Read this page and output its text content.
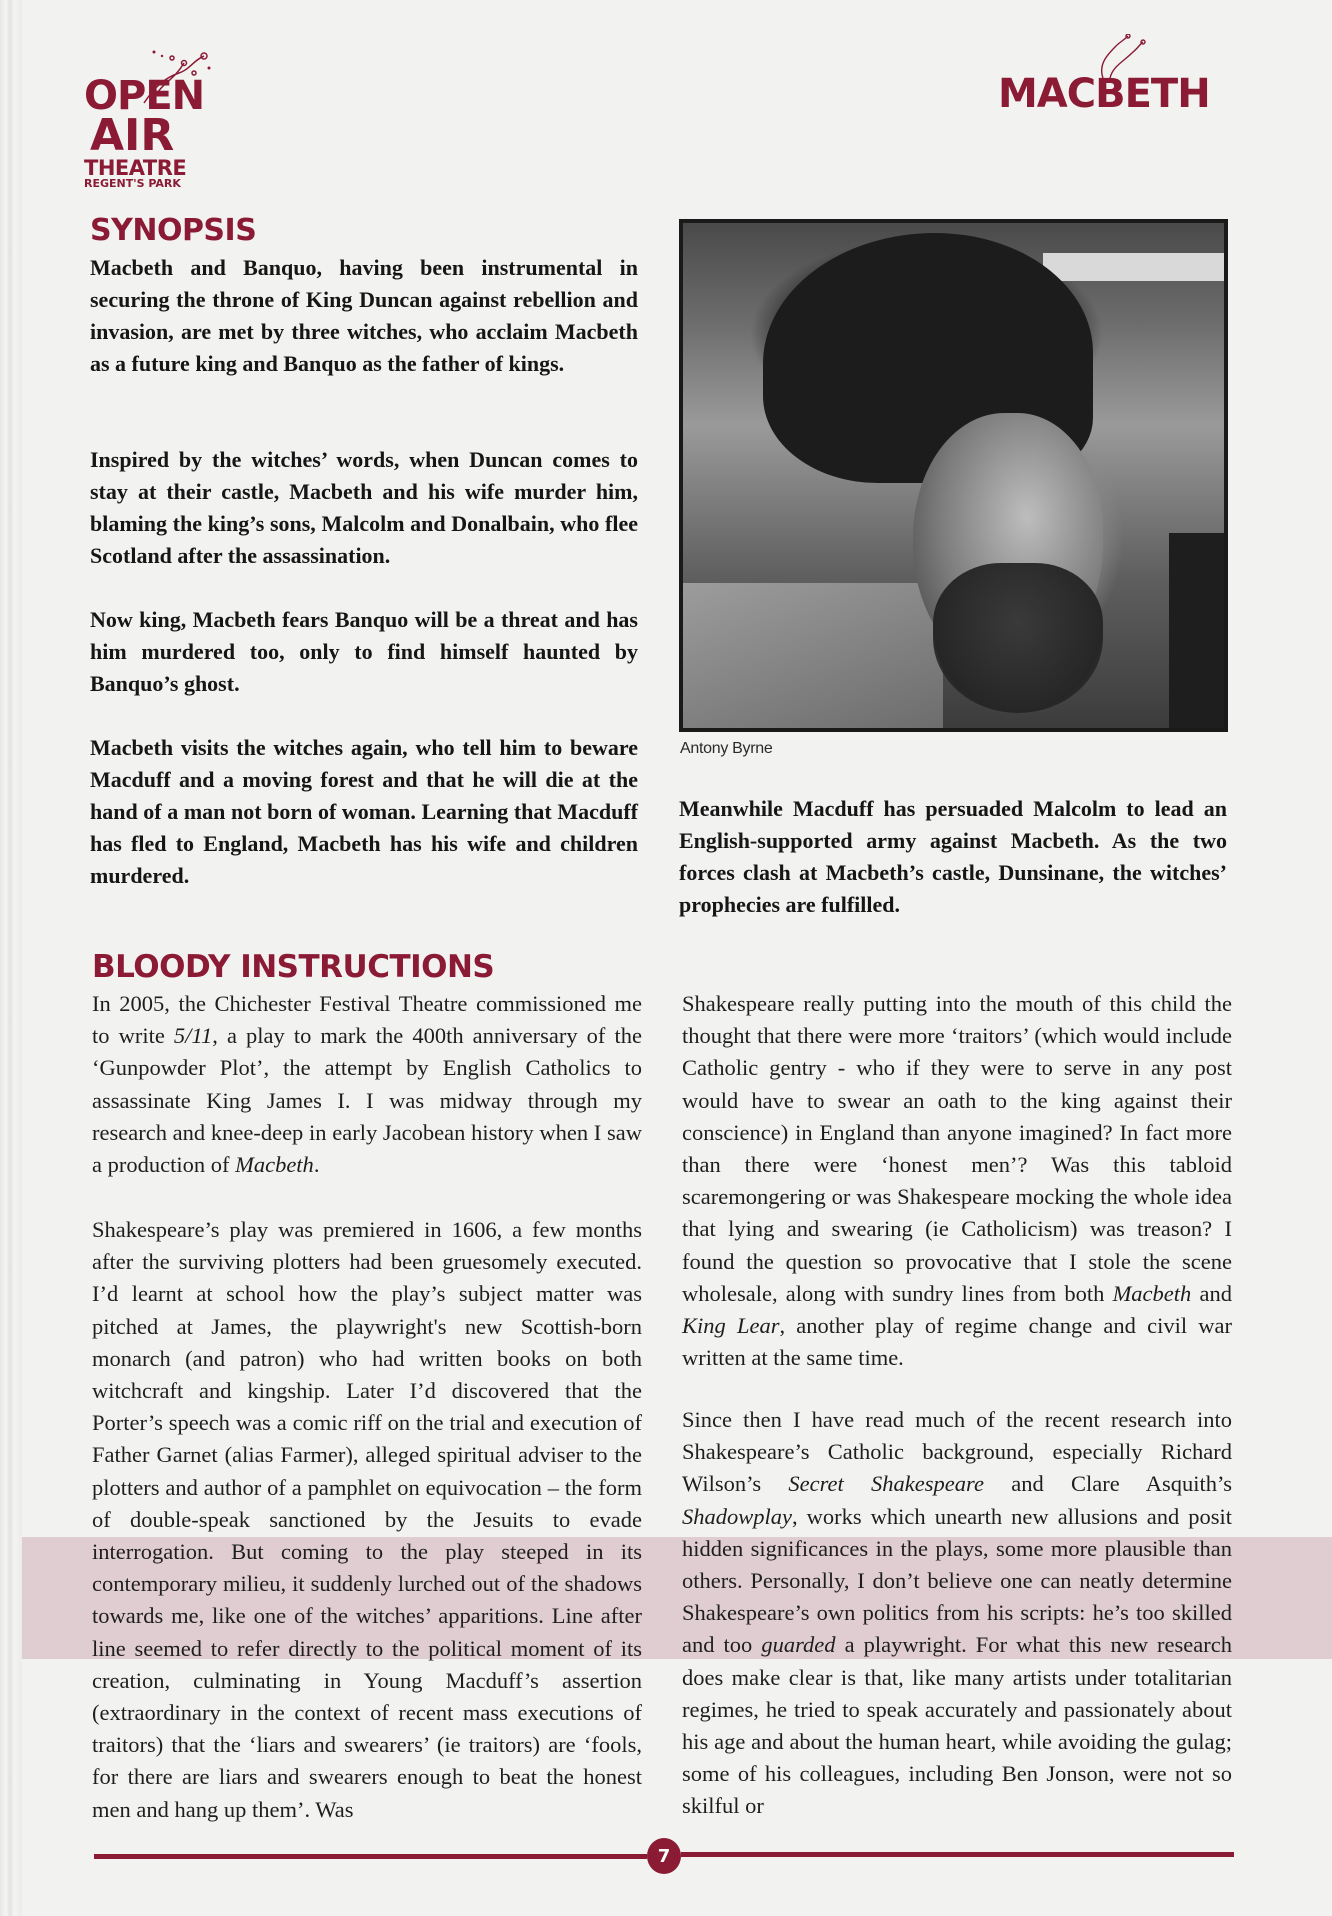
OPEN
AIR
THEATRE
REGENT'S PARK
MACBETH
SYNOPSIS

Macbeth and Banquo, having been instrumental in securing the throne of King Duncan against rebellion and invasion, are met by three witches, who acclaim Macbeth as a future king and Banquo as the father of kings.

Inspired by the witches’ words, when Duncan comes to stay at their castle, Macbeth and his wife murder him, blaming the king’s sons, Malcolm and Donalbain, who flee Scotland after the assassination.

Now king, Macbeth fears Banquo will be a threat and has him murdered too, only to find himself haunted by Banquo’s ghost.

Macbeth visits the witches again, who tell him to beware Macduff and a moving forest and that he will die at the hand of a man not born of woman. Learning that Macduff has fled to England, Macbeth has his wife and children murdered.

Antony Byrne

Meanwhile Macduff has persuaded Malcolm to lead an English-supported army against Macbeth. As the two forces clash at Macbeth’s castle, Dunsinane, the witches’ prophecies are fulfilled.

BLOODY INSTRUCTIONS

In 2005, the Chichester Festival Theatre commissioned me to write 5/11, a play to mark the 400th anniversary of the ‘Gunpowder Plot’, the attempt by English Catholics to assassinate King James I. I was midway through my research and knee-deep in early Jacobean history when I saw a production of Macbeth.

Shakespeare’s play was premiered in 1606, a few months after the surviving plotters had been gruesomely executed. I’d learnt at school how the play’s subject matter was pitched at James, the playwright's new Scottish-born monarch (and patron) who had written books on both witchcraft and kingship. Later I’d discovered that the Porter’s speech was a comic riff on the trial and execution of Father Garnet (alias Farmer), alleged spiritual adviser to the plotters and author of a pamphlet on equivocation – the form of double-speak sanctioned by the Jesuits to evade interrogation. But coming to the play steeped in its contemporary milieu, it suddenly lurched out of the shadows towards me, like one of the witches’ apparitions. Line after line seemed to refer directly to the political moment of its creation, culminating in Young Macduff’s assertion (extraordinary in the context of recent mass executions of traitors) that the ‘liars and swearers’ (ie traitors) are ‘fools, for there are liars and swearers enough to beat the honest men and hang up them’. Was

Shakespeare really putting into the mouth of this child the thought that there were more ‘traitors’ (which would include Catholic gentry - who if they were to serve in any post would have to swear an oath to the king against their conscience) in England than anyone imagined? In fact more than there were ‘honest men’? Was this tabloid scaremongering or was Shakespeare mocking the whole idea that lying and swearing (ie Catholicism) was treason? I found the question so provocative that I stole the scene wholesale, along with sundry lines from both Macbeth and King Lear, another play of regime change and civil war written at the same time.

Since then I have read much of the recent research into Shakespeare’s Catholic background, especially Richard Wilson’s Secret Shakespeare and Clare Asquith’s Shadowplay, works which unearth new allusions and posit hidden significances in the plays, some more plausible than others. Personally, I don’t believe one can neatly determine Shakespeare’s own politics from his scripts: he’s too skilled and too guarded a playwright. For what this new research does make clear is that, like many artists under totalitarian regimes, he tried to speak accurately and passionately about his age and about the human heart, while avoiding the gulag; some of his colleagues, including Ben Jonson, were not so skilful or

7
